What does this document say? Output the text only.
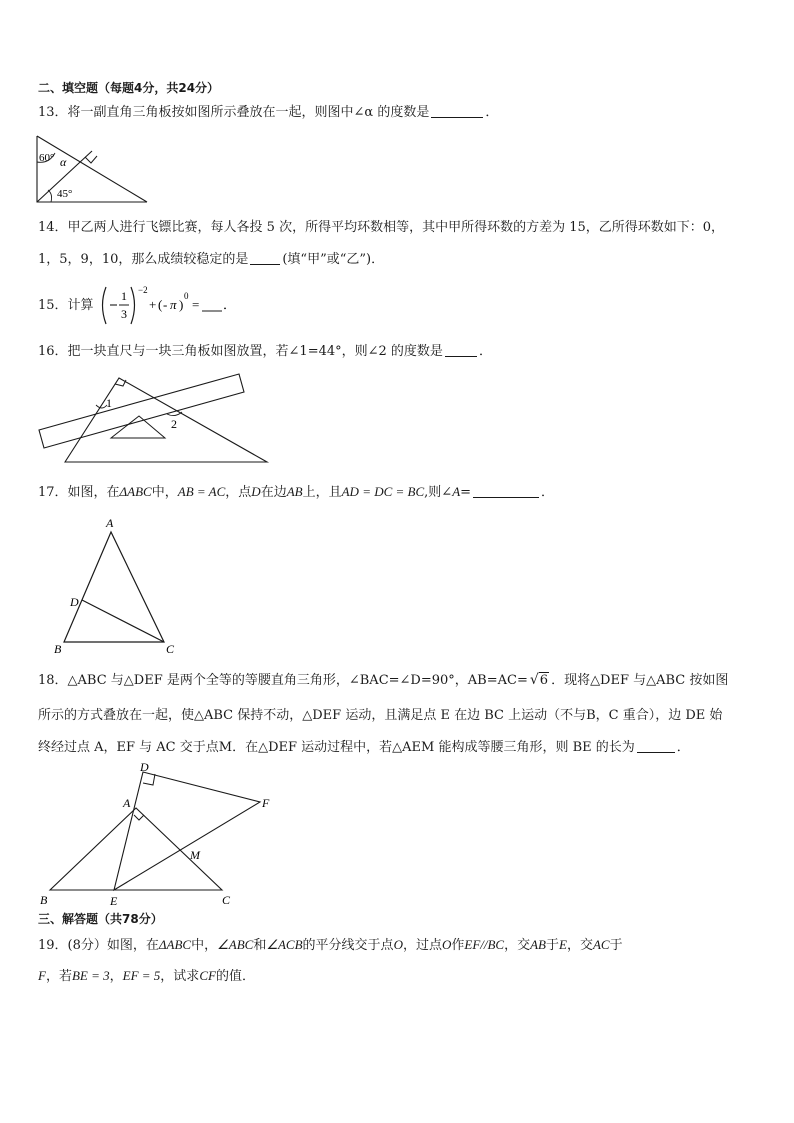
二、填空题（每题4分，共24分）
13．将一副直角三角板按如图所示叠放在一起，则图中∠α 的度数是	．
60° α
45°
14．甲乙两人进行飞镖比赛，每人各投 5 次，所得平均环数相等，其中甲所得环数的方差为 15，乙所得环数如下：0，
1，5，9，10，那么成绩较稳定的是	(填“甲”或“乙”)．
15．计算
1
3
−2
+ ( - π )
0
= ．
16．把一块直尺与一块三角板如图放置，若∠1=44°，则∠2 的度数是	．
1
2
17．如图，在ΔABC中，AB = AC，点D在边AB上，且AD = DC = BC,则∠A=	．
A
D
B	C
18．△ABC 与△DEF 是两个全等的等腰直角三角形，∠BAC=∠D=90°，AB=AC= √6 ．现将△DEF 与△ABC 按如图
所示的方式叠放在一起，使△ABC 保持不动，△DEF 运动，且满足点 E 在边 BC 上运动（不与B，C 重合），边 DE 始
终经过点 A，EF 与 AC 交于点M．在△DEF 运动过程中，若△AEM 能构成等腰三角形，则 BE 的长为	．
D
A	F
M
B	E	C
三、解答题（共78分）
19．(8分）如图，在ΔABC中，∠ABC和∠ACB的平分线交于点O，过点O作EF//BC，交AB于E，交AC于
F，若BE = 3，EF = 5，试求CF的值．
